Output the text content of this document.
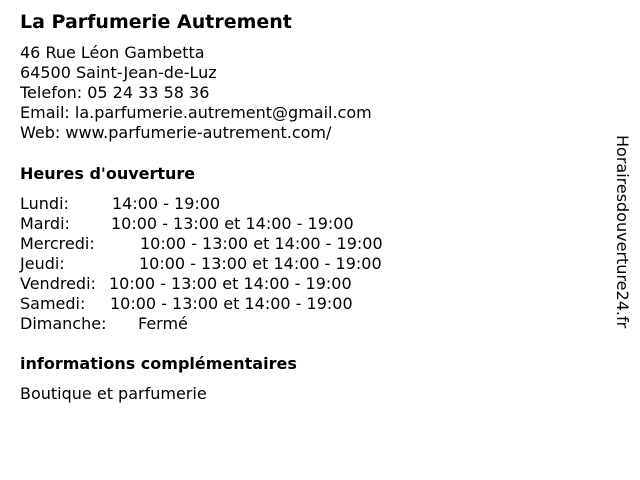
La Parfumerie Autrement
46 Rue Léon Gambetta
64500 Saint-Jean-de-Luz
Telefon: 05 24 33 58 36
Email: la.parfumerie.autrement@gmail.com
Web: www.parfumerie-autrement.com/
Heures d'ouverture
Lundi:	14:00 - 19:00
Mardi:	10:00 - 13:00 et 14:00 - 19:00
Mercredi:	10:00 - 13:00 et 14:00 - 19:00
Jeudi:	10:00 - 13:00 et 14:00 - 19:00
Vendredi: 10:00 - 13:00 et 14:00 - 19:00
Samedi: 10:00 - 13:00 et 14:00 - 19:00
Dimanche: Fermé
informations complémentaires
Boutique et parfumerie
Horairesdouverture24.fr
